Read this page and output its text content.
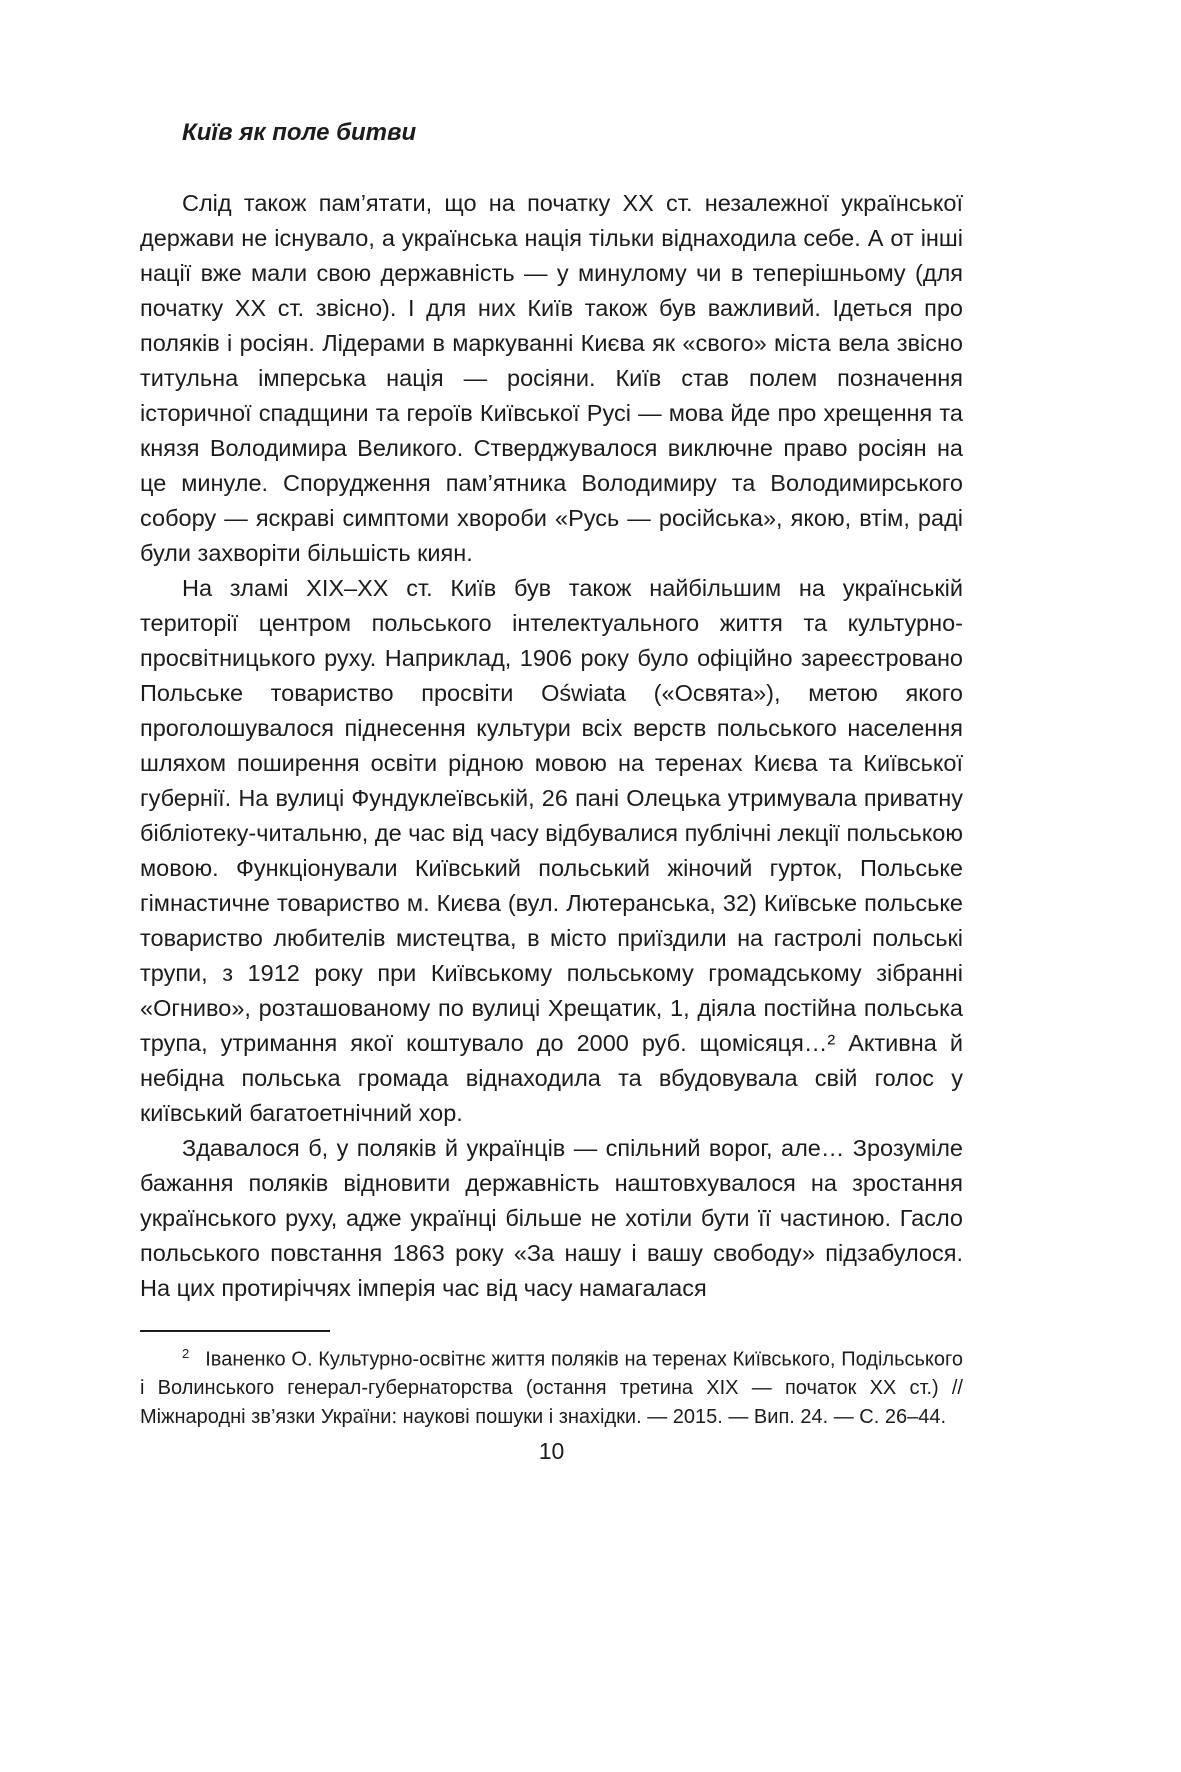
Київ як поле битви

Слід також пам’ятати, що на початку ХХ ст. незалежної української держави не існувало, а українська нація тільки віднаходила себе. А от інші нації вже мали свою державність — у минулому чи в теперішньому (для початку ХХ ст. звісно). І для них Київ також був важливий. Ідеться про поляків і росіян. Лідерами в маркуванні Києва як «свого» міста вела звісно титульна імперська нація — росіяни. Київ став полем позначення історичної спадщини та героїв Київської Русі — мова йде про хрещення та князя Володимира Великого. Стверджувалося виключне право росіян на це минуле. Спорудження пам’ятника Володимиру та Володимирського собору — яскраві симптоми хвороби «Русь — російська», якою, втім, раді були захворіти більшість киян.

На зламі ХІХ–ХХ ст. Київ був також найбільшим на українській території центром польського інтелектуального життя та культурно-просвітницького руху. Наприклад, 1906 року було офіційно зареєстровано Польське товариство просвіти Oświata («Освята»), метою якого проголошувалося піднесення культури всіх верств польського населення шляхом поширення освіти рідною мовою на теренах Києва та Київської губернії. На вулиці Фундуклеївській, 26 пані Олецька утримувала приватну бібліотеку-читальню, де час від часу відбувалися публічні лекції польською мовою. Функціонували Київський польський жіночий гурток, Польське гімнастичне товариство м. Києва (вул. Лютеранська, 32) Київське польське товариство любителів мистецтва, в місто приїздили на гастролі польські трупи, з 1912 року при Київському польському громадському зібранні «Огниво», розташованому по вулиці Хрещатик, 1, діяла постійна польська трупа, утримання якої коштувало до 2000 руб. щомісяця…² Активна й небідна польська громада віднаходила та вбудовувала свій голос у київський багатоетнічний хор.

Здавалося б, у поляків й українців — спільний ворог, але… Зрозуміле бажання поляків відновити державність наштовхувалося на зростання українського руху, адже українці більше не хотіли бути її частиною. Гасло польського повстання 1863 року «За нашу і вашу свободу» підзабулося. На цих протиріччях імперія час від часу намагалася

$^2$ Іваненко О. Культурно-освітнє життя поляків на теренах Київського, Подільського і Волинського генерал-губернаторства (остання третина ХІХ — початок ХХ ст.) // Міжнародні зв’язки України: наукові пошуки і знахідки. — 2015. — Вип. 24. — С. 26–44.

10
